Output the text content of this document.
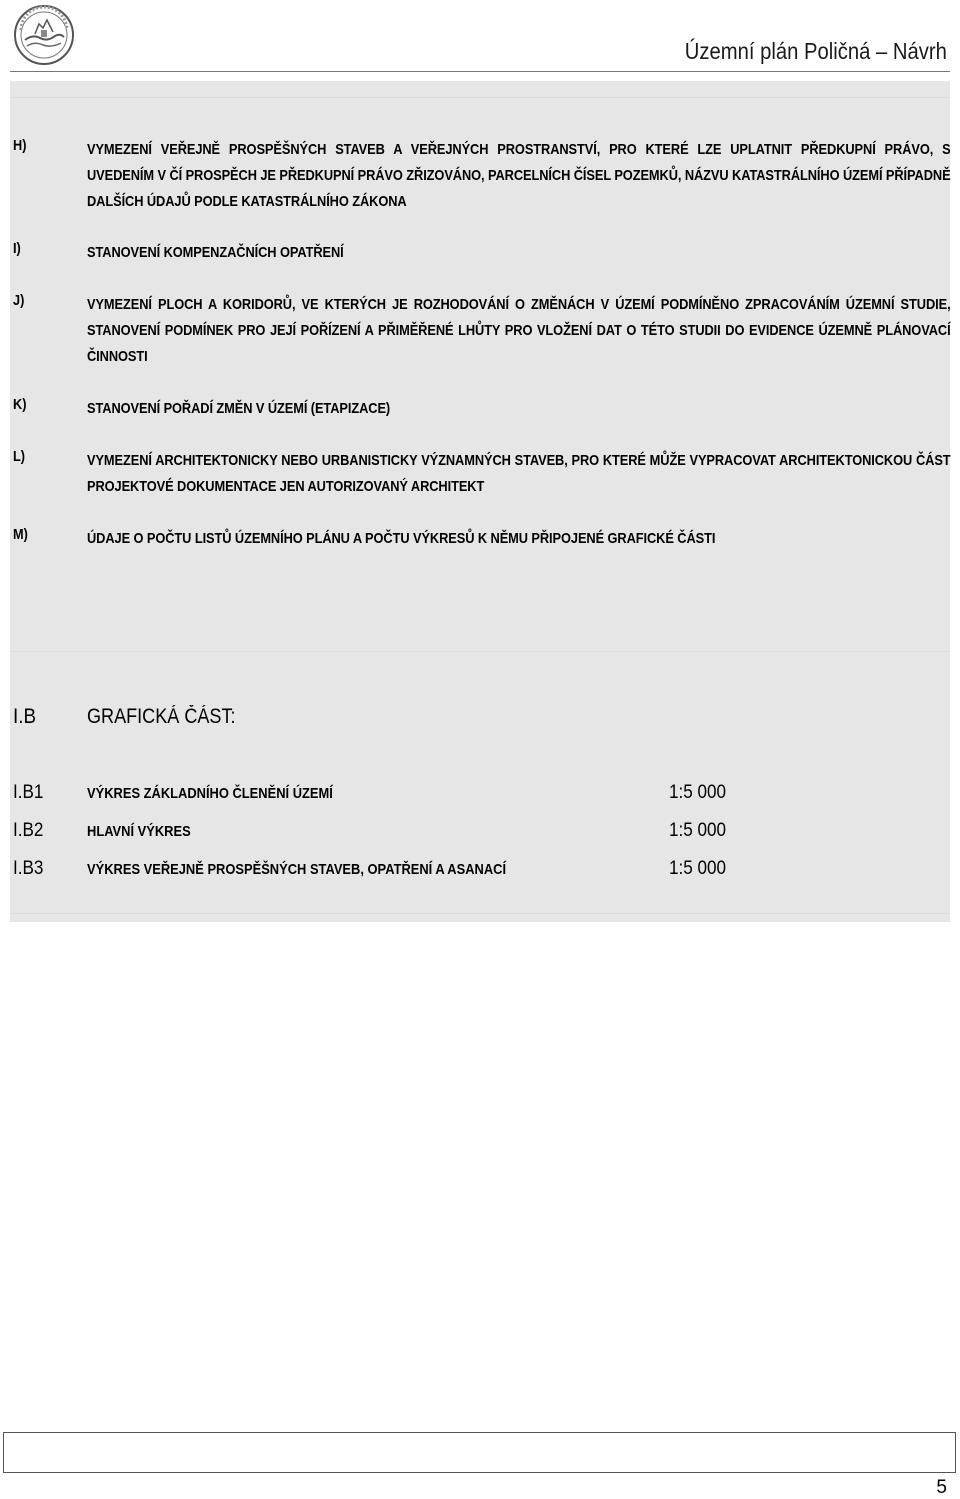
Územní plán Poličná – Návrh
H)	VYMEZENÍ VEŘEJNĚ PROSPĚŠNÝCH STAVEB A VEŘEJNÝCH PROSTRANSTVÍ, PRO KTERÉ LZE UPLATNIT PŘEDKUPNÍ PRÁVO, S UVEDENÍM V ČÍ PROSPĚCH JE PŘEDKUPNÍ PRÁVO ZŘIZOVÁNO, PARCELNÍCH ČÍSEL POZEMKŮ, NÁZVU KATASTRÁLNÍHO ÚZEMÍ PŘÍPADNĚ DALŠÍCH ÚDAJŮ PODLE KATASTRÁLNÍHO ZÁKONA
I)	STANOVENÍ KOMPENZAČNÍCH OPATŘENÍ
J)	VYMEZENÍ PLOCH A KORIDORŮ, VE KTERÝCH JE ROZHODOVÁNÍ O ZMĚNÁCH V ÚZEMÍ PODMÍNĚNO ZPRACOVÁNÍM ÚZEMNÍ STUDIE, STANOVENÍ PODMÍNEK PRO JEJÍ POŘÍZENÍ A PŘIMĚŘENÉ LHŮTY PRO VLOŽENÍ DAT O TÉTO STUDII DO EVIDENCE ÚZEMNĚ PLÁNOVACÍ ČINNOSTI
K)	STANOVENÍ POŘADÍ ZMĚN V ÚZEMÍ (ETAPIZACE)
L)	VYMEZENÍ ARCHITEKTONICKY NEBO URBANISTICKY VÝZNAMNÝCH STAVEB, PRO KTERÉ MŮŽE VYPRACOVAT ARCHITEKTONICKOU ČÁST PROJEKTOVÉ DOKUMENTACE JEN AUTORIZOVANÝ ARCHITEKT
M)	ÚDAJE O POČTU LISTŮ ÚZEMNÍHO PLÁNU A POČTU VÝKRESŮ K NĚMU PŘIPOJENÉ GRAFICKÉ ČÁSTI
I.B GRAFICKÁ ČÁST:
I.B1	VÝKRES ZÁKLADNÍHO ČLENĚNÍ ÚZEMÍ	1:5 000
I.B2	HLAVNÍ VÝKRES	1:5 000
I.B3	VÝKRES VEŘEJNĚ PROSPĚŠNÝCH STAVEB, OPATŘENÍ A ASANACÍ	1:5 000
5
